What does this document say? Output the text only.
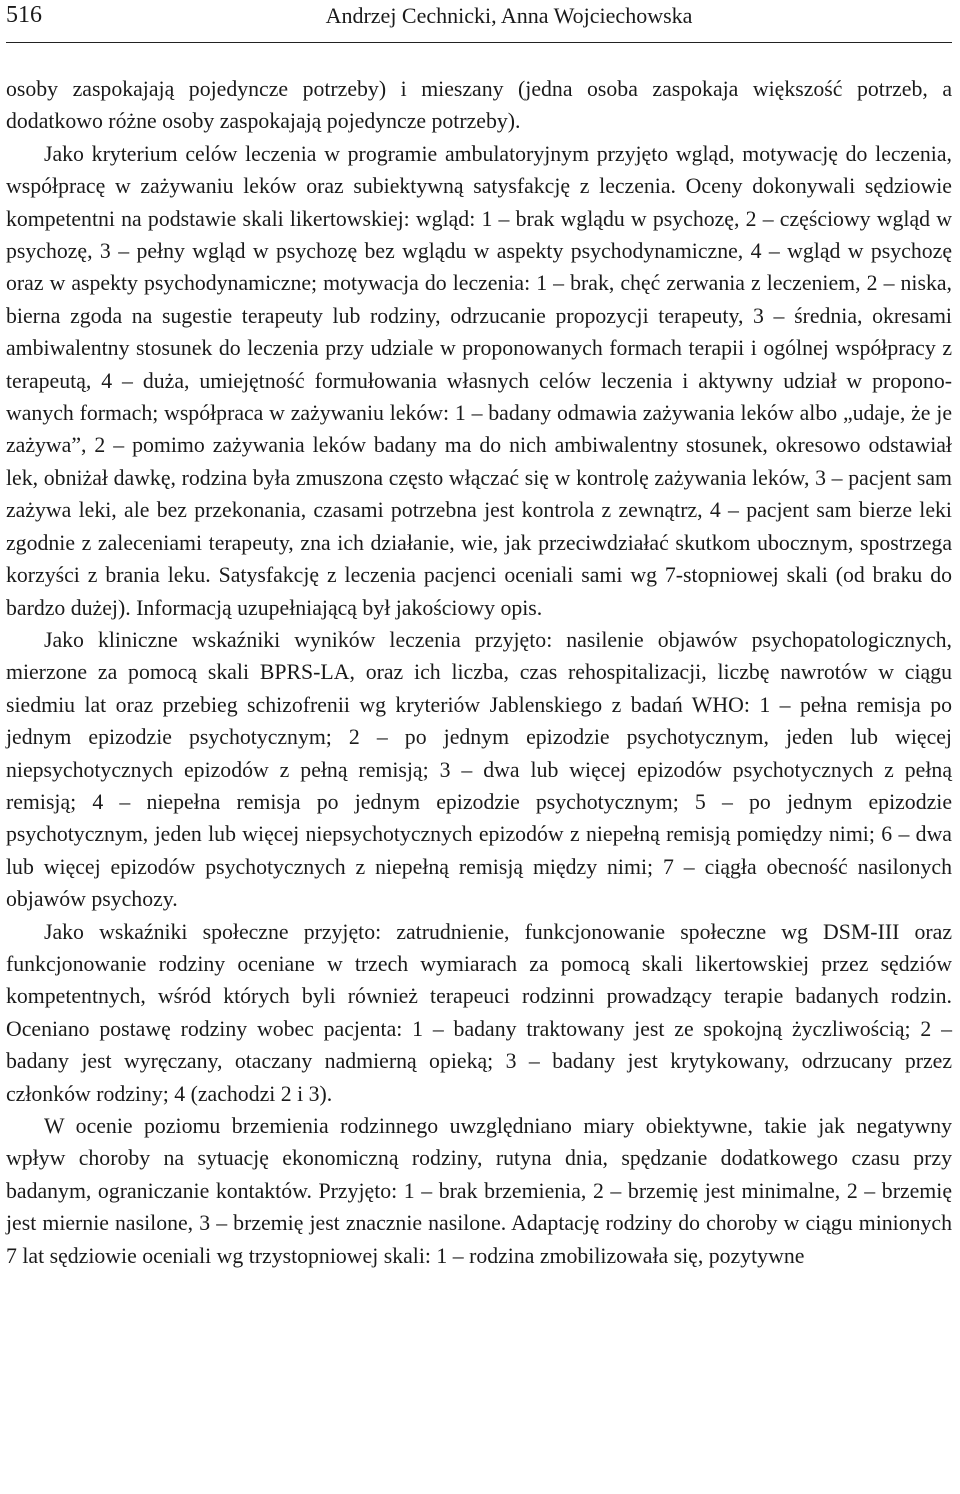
516	Andrzej Cechnicki, Anna Wojciechowska

osoby zaspokajają pojedyncze potrzeby) i mieszany (jedna osoba zaspokaja większość potrzeb, a dodatkowo różne osoby zaspokajają pojedyncze potrzeby).

Jako kryterium celów leczenia w programie ambulatoryjnym przyjęto wgląd, motywację do leczenia, współpracę w zażywaniu leków oraz subiektywną satysfakcję z leczenia. Oceny dokonywali sędziowie kompetentni na podstawie skali likertowskiej: wgląd: 1 – brak wglądu w psychozę, 2 – częściowy wgląd w psychozę, 3 – pełny wgląd w psychozę bez wglądu w aspekty psychodynamiczne, 4 – wgląd w psychozę oraz w aspekty psychodynamiczne; motywacja do leczenia: 1 – brak, chęć zerwania z leczeniem, 2 – niska, bierna zgoda na sugestie terapeuty lub rodziny, odrzucanie propozycji terapeuty, 3 – średnia, okresami ambiwalentny stosunek do leczenia przy udziale w proponowanych formach terapii i ogólnej współpracy z terapeutą, 4 – duża, umiejętność formułowania własnych celów leczenia i aktywny udział w proponowanych formach; współpraca w zażywaniu leków: 1 – badany odmawia zażywania leków albo „udaje, że je zażywa”, 2 – pomimo zażywania leków badany ma do nich ambiwalentny stosunek, okresowo odstawiał lek, obniżał dawkę, rodzina była zmuszona często włączać się w kontrolę zażywania leków, 3 – pacjent sam zażywa leki, ale bez przekonania, czasami potrzebna jest kontrola z zewnątrz, 4 – pacjent sam bierze leki zgodnie z zaleceniami terapeuty, zna ich działanie, wie, jak przeciwdziałać skutkom ubocznym, spostrzega korzyści z brania leku. Satysfakcję z leczenia pacjenci oceniali sami wg 7-stopniowej skali (od braku do bardzo dużej). Informacją uzupełniającą był jakościowy opis.

Jako kliniczne wskaźniki wyników leczenia przyjęto: nasilenie objawów psychopatologicznych, mierzone za pomocą skali BPRS-LA, oraz ich liczba, czas rehospitalizacji, liczbę nawrotów w ciągu siedmiu lat oraz przebieg schizofrenii wg kryteriów Jablenskiego z badań WHO: 1 – pełna remisja po jednym epizodzie psychotycznym; 2 – po jednym epizodzie psychotycznym, jeden lub więcej niepsychotycznych epizodów z pełną remisją; 3 – dwa lub więcej epizodów psychotycznych z pełną remisją; 4 – niepełna remisja po jednym epizodzie psychotycznym; 5 – po jednym epizodzie psychotycznym, jeden lub więcej niepsychotycznych epizodów z niepełną remisją pomiędzy nimi; 6 – dwa lub więcej epizodów psychotycznych z niepełną remisją między nimi; 7 – ciągła obecność nasilonych objawów psychozy.

Jako wskaźniki społeczne przyjęto: zatrudnienie, funkcjonowanie społeczne wg DSM-III oraz funkcjonowanie rodziny oceniane w trzech wymiarach za pomocą skali likertowskiej przez sędziów kompetentnych, wśród których byli również terapeuci rodzinni prowadzący terapie badanych rodzin. Oceniano postawę rodziny wobec pacjenta: 1 – badany traktowany jest ze spokojną życzliwością; 2 – badany jest wyręczany, otaczany nadmierną opieką; 3 – badany jest krytykowany, odrzucany przez członków rodziny; 4 (zachodzi 2 i 3).

W ocenie poziomu brzemienia rodzinnego uwzględniano miary obiektywne, takie jak negatywny wpływ choroby na sytuację ekonomiczną rodziny, rutyna dnia, spędzanie dodatkowego czasu przy badanym, ograniczanie kontaktów. Przyjęto: 1 – brak brzemienia, 2 – brzemię jest minimalne, 2 – brzemię jest miernie nasilone, 3 – brzemię jest znacznie nasilone. Adaptację rodziny do choroby w ciągu minionych 7 lat sędziowie oceniali wg trzystopniowej skali: 1 – rodzina zmobilizowała się, pozytywne
